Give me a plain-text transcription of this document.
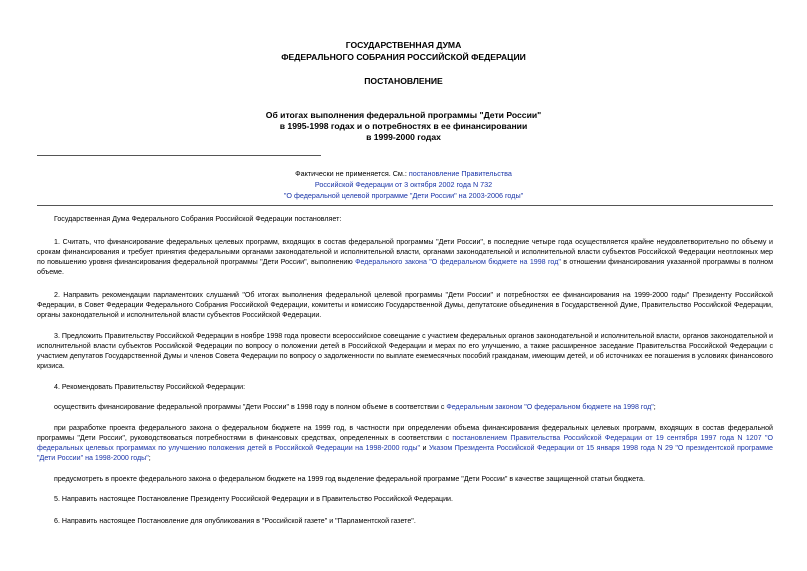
ГОСУДАРСТВЕННАЯ ДУМА
ФЕДЕРАЛЬНОГО СОБРАНИЯ РОССИЙСКОЙ ФЕДЕРАЦИИ
ПОСТАНОВЛЕНИЕ
Об итогах выполнения федеральной программы "Дети России"
в 1995-1998 годах и о потребностях в ее финансировании
в 1999-2000 годах
Фактически не применяется. См.: постановление Правительства
Российской Федерации от 3 октября 2002 года N 732
"О федеральной целевой программе "Дети России" на 2003-2006 годы"

Государственная Дума Федерального Собрания Российской Федерации постановляет:

1. Считать, что финансирование федеральных целевых программ, входящих в состав федеральной программы "Дети России", в последние четыре года осуществляется крайне неудовлетворительно по объему и срокам финансирования и требует принятия федеральными органами законодательной и исполнительной власти, органами законодательной и исполнительной власти субъектов Российской Федерации неотложных мер по повышению уровня финансирования федеральной программы "Дети России", выполнению Федерального закона "О федеральном бюджете на 1998 год" в отношении финансирования указанной программы в полном объеме.

2. Направить рекомендации парламентских слушаний "Об итогах выполнения федеральной целевой программы "Дети России" и потребностях ее финансирования на 1999-2000 годы" Президенту Российской Федерации, в Совет Федерации Федерального Собрания Российской Федерации, комитеты и комиссию Государственной Думы, депутатские объединения в Государственной Думе, Правительство Российской Федерации, органы законодательной и исполнительной власти субъектов Российской Федерации.

3. Предложить Правительству Российской Федерации в ноябре 1998 года провести всероссийское совещание с участием федеральных органов законодательной и исполнительной власти, органов законодательной и исполнительной власти субъектов Российской Федерации по вопросу о положении детей в Российской Федерации и мерах по его улучшению, а также расширенное заседание Правительства Российской Федерации с участием депутатов Государственной Думы и членов Совета Федерации по вопросу о задолженности по выплате ежемесячных пособий гражданам, имеющим детей, и об источниках ее погашения в условиях финансового кризиса.

4. Рекомендовать Правительству Российской Федерации:

осуществить финансирование федеральной программы "Дети России" в 1998 году в полном объеме в соответствии с Федеральным законом "О федеральном бюджете на 1998 год";

при разработке проекта федерального закона о федеральном бюджете на 1999 год, в частности при определении объема финансирования федеральных целевых программ, входящих в состав федеральной программы "Дети России", руководствоваться потребностями в финансовых средствах, определенных в соответствии с постановлением Правительства Российской Федерации от 19 сентября 1997 года N 1207 "О федеральных целевых программах по улучшению положения детей в Российской Федерации на 1998-2000 годы" и Указом Президента Российской Федерации от 15 января 1998 года N 29 "О президентской программе "Дети России" на 1998-2000 годы";

предусмотреть в проекте федерального закона о федеральном бюджете на 1999 год выделение федеральной программе "Дети России" в качестве защищенной статьи бюджета.

5. Направить настоящее Постановление Президенту Российской Федерации и в Правительство Российской Федерации.

6. Направить настоящее Постановление для опубликования в "Российской газете" и "Парламентской газете".
